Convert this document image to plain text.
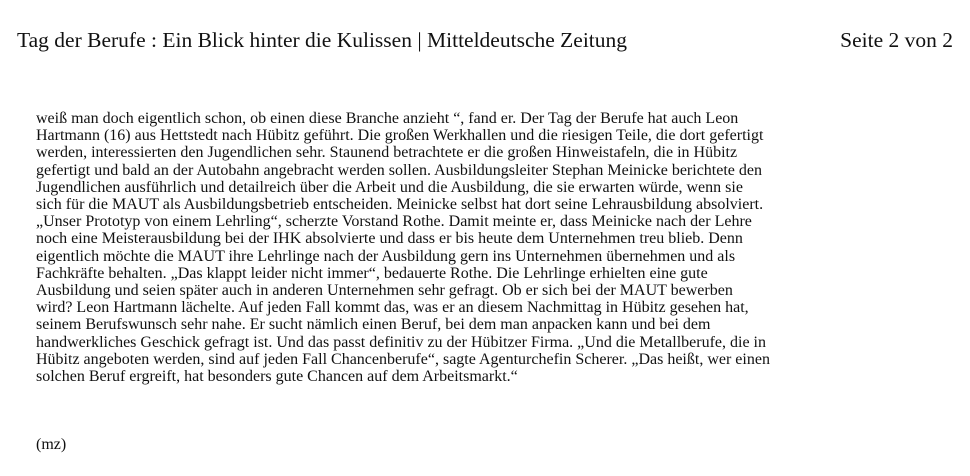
Tag der Berufe : Ein Blick hinter die Kulissen | Mitteldeutsche Zeitung	Seite 2 von 2
weiß man doch eigentlich schon, ob einen diese Branche anzieht “, fand er. Der Tag der Berufe hat auch Leon
Hartmann (16) aus Hettstedt nach Hübitz geführt. Die großen Werkhallen und die riesigen Teile, die dort gefertigt
werden, interessierten den Jugendlichen sehr. Staunend betrachtete er die großen Hinweistafeln, die in Hübitz
gefertigt und bald an der Autobahn angebracht werden sollen. Ausbildungsleiter Stephan Meinicke berichtete den
Jugendlichen ausführlich und detailreich über die Arbeit und die Ausbildung, die sie erwarten würde, wenn sie
sich für die MAUT als Ausbildungsbetrieb entscheiden. Meinicke selbst hat dort seine Lehrausbildung absolviert.
„Unser Prototyp von einem Lehrling“, scherzte Vorstand Rothe. Damit meinte er, dass Meinicke nach der Lehre
noch eine Meisterausbildung bei der IHK absolvierte und dass er bis heute dem Unternehmen treu blieb. Denn
eigentlich möchte die MAUT ihre Lehrlinge nach der Ausbildung gern ins Unternehmen übernehmen und als
Fachkräfte behalten. „Das klappt leider nicht immer“, bedauerte Rothe. Die Lehrlinge erhielten eine gute
Ausbildung und seien später auch in anderen Unternehmen sehr gefragt. Ob er sich bei der MAUT bewerben
wird? Leon Hartmann lächelte. Auf jeden Fall kommt das, was er an diesem Nachmittag in Hübitz gesehen hat,
seinem Berufswunsch sehr nahe. Er sucht nämlich einen Beruf, bei dem man anpacken kann und bei dem
handwerkliches Geschick gefragt ist. Und das passt definitiv zu der Hübitzer Firma. „Und die Metallberufe, die in
Hübitz angeboten werden, sind auf jeden Fall Chancenberufe“, sagte Agenturchefin Scherer. „Das heißt, wer einen
solchen Beruf ergreift, hat besonders gute Chancen auf dem Arbeitsmarkt.“
(mz)
